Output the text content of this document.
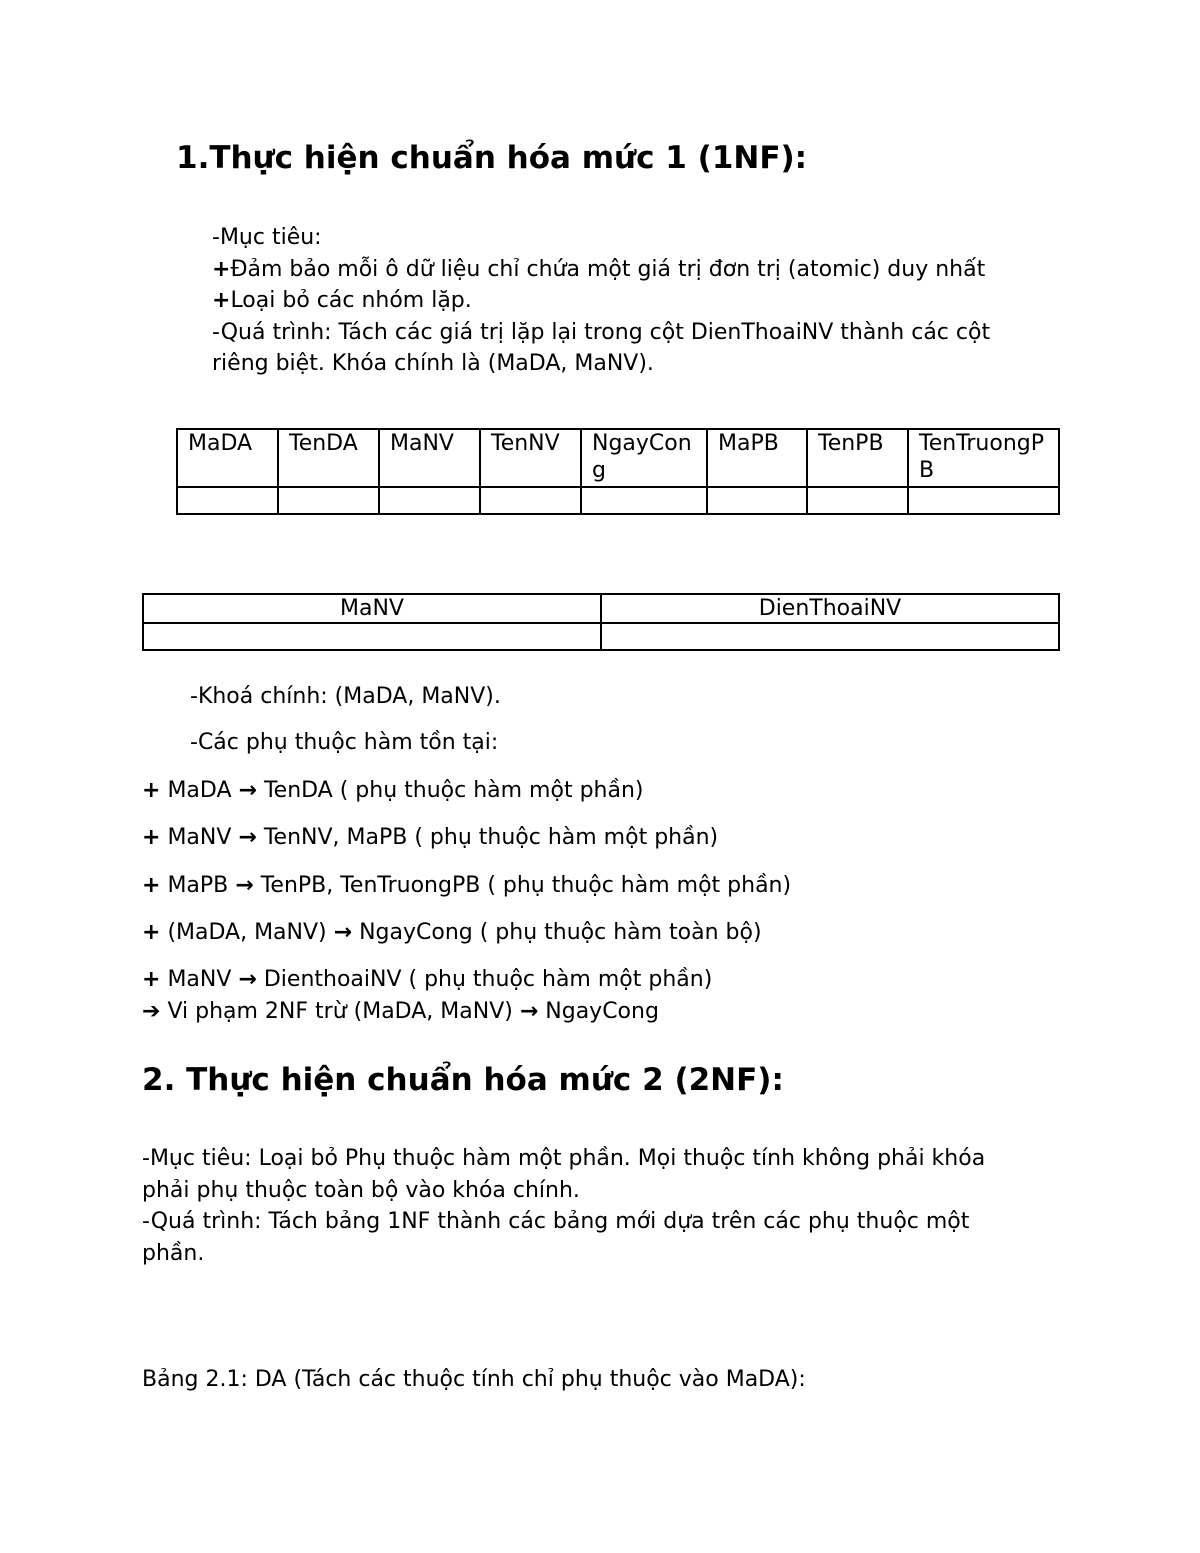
1.Thực hiện chuẩn hóa mức 1 (1NF):
-Mục tiêu:
+Đảm bảo mỗi ô dữ liệu chỉ chứa một giá trị đơn trị (atomic) duy nhất
+Loại bỏ các nhóm lặp.
-Quá trình: Tách các giá trị lặp lại trong cột DienThoaiNV thành các cột
riêng biệt. Khóa chính là (MaDA, MaNV).
MaDA	TenDA	MaNV	TenNV	NgayCong	MaPB	TenPB	TenTruongPB

MaNV	DienThoaiNV

-Khoá chính: (MaDA, MaNV).
-Các phụ thuộc hàm tồn tại:
+ MaDA → TenDA ( phụ thuộc hàm một phần)
+ MaNV → TenNV, MaPB ( phụ thuộc hàm một phần)
+ MaPB → TenPB, TenTruongPB ( phụ thuộc hàm một phần)
+ (MaDA, MaNV) → NgayCong ( phụ thuộc hàm toàn bộ)
+ MaNV → DienthoaiNV ( phụ thuộc hàm một phần)
➔ Vi phạm 2NF trừ (MaDA, MaNV) → NgayCong
2. Thực hiện chuẩn hóa mức 2 (2NF):
-Mục tiêu: Loại bỏ Phụ thuộc hàm một phần. Mọi thuộc tính không phải khóa
phải phụ thuộc toàn bộ vào khóa chính.
-Quá trình: Tách bảng 1NF thành các bảng mới dựa trên các phụ thuộc một
phần.
Bảng 2.1: DA (Tách các thuộc tính chỉ phụ thuộc vào MaDA):
